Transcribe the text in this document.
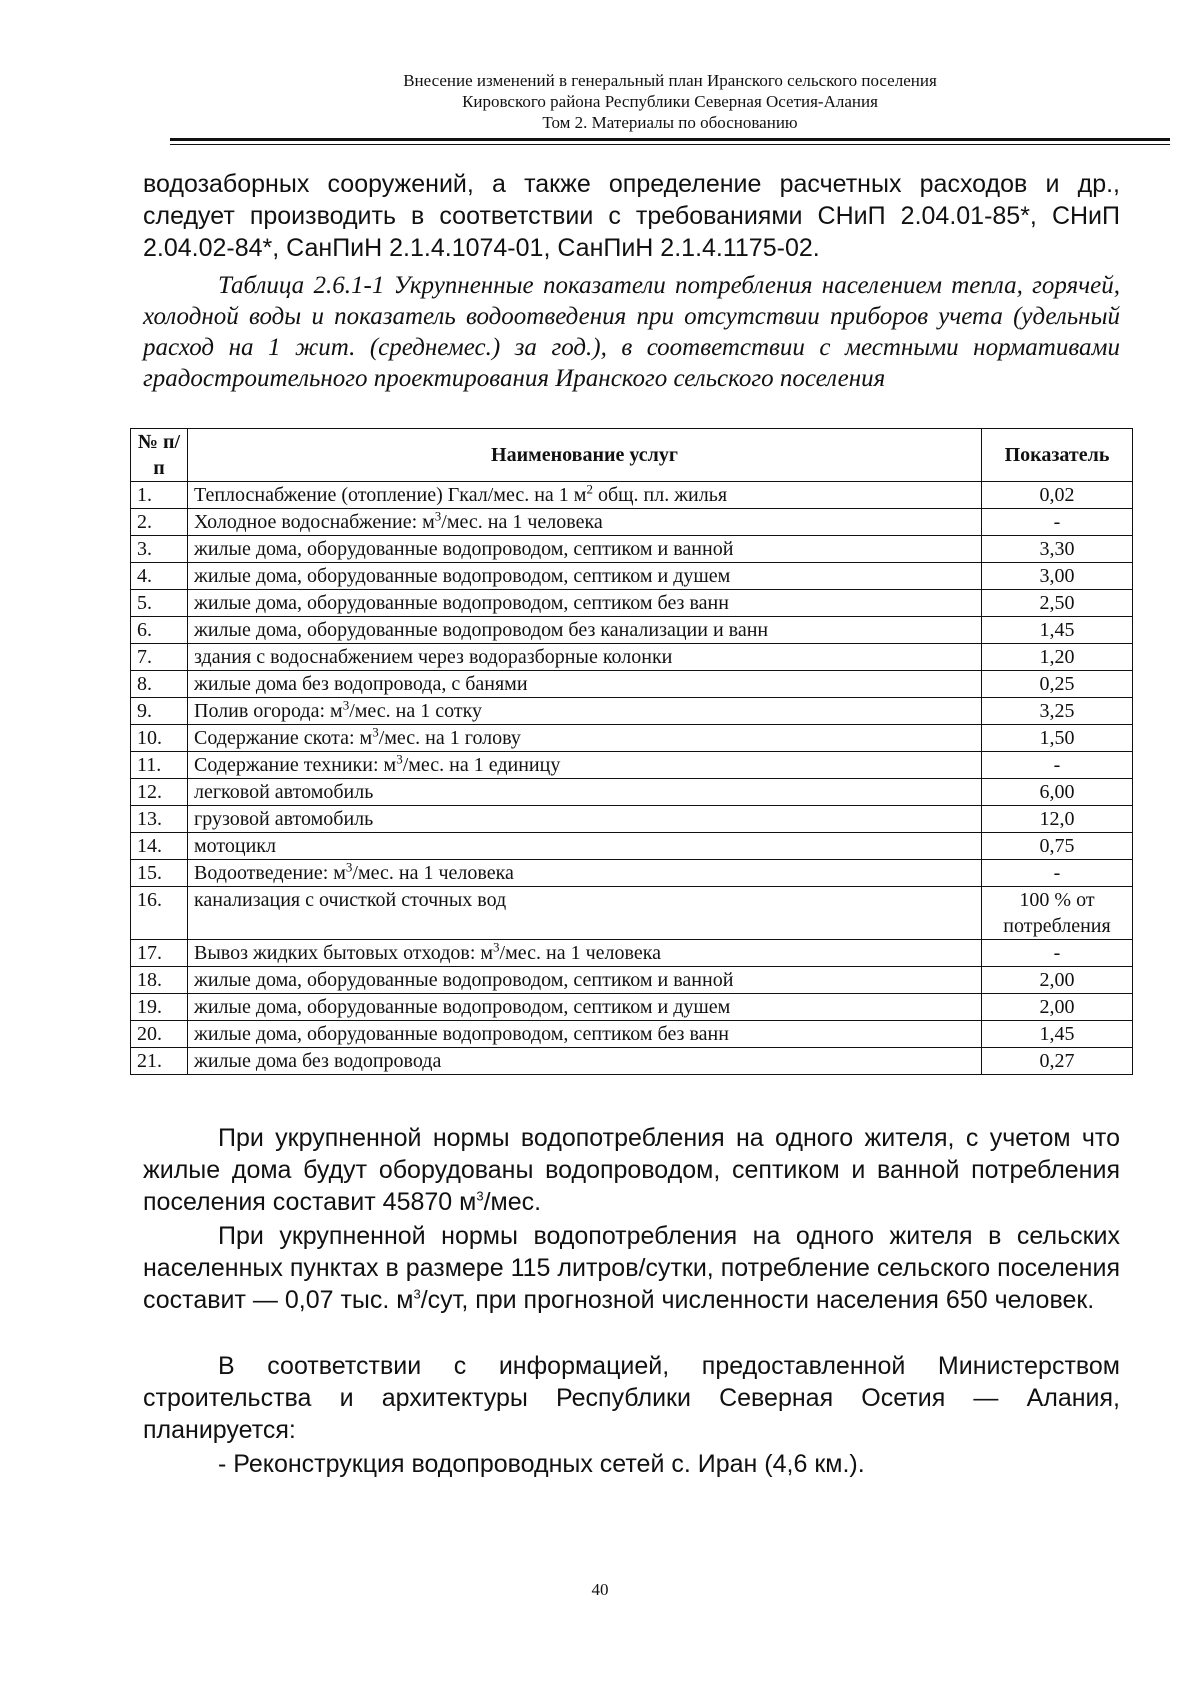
Внесение изменений в генеральный план Иранского сельского поселения
Кировского района Республики Северная Осетия-Алания
Том 2. Материалы по обоснованию

водозаборных сооружений, а также определение расчетных расходов и др., следует производить в соответствии с требованиями СНиП 2.04.01-85*, СНиП 2.04.02-84*, СанПиН 2.1.4.1074-01, СанПиН 2.1.4.1175-02.

Таблица 2.6.1-1 Укрупненные показатели потребления населением тепла, горячей, холодной воды и показатель водоотведения при отсутствии приборов учета (удельный расход на 1 жит. (среднемес.) за год.), в соответствии с местными нормативами градостроительного проектирования Иранского сельского поселения
№ п/п	Наименование услуг	Показатель
1.	Теплоснабжение (отопление) Гкал/мес. на 1 $м^2$ общ. пл. жилья	0,02
2.	Холодное водоснабжение: $м^3$/мес. на 1 человека	-
3.	жилые дома, оборудованные водопроводом, септиком и ванной	3,30
4.	жилые дома, оборудованные водопроводом, септиком и душем	3,00
5.	жилые дома, оборудованные водопроводом, септиком без ванн	2,50
6.	жилые дома, оборудованные водопроводом без канализации и ванн	1,45
7.	здания с водоснабжением через водоразборные колонки	1,20
8.	жилые дома без водопровода, с банями	0,25
9.	Полив огорода: $м^3$/мес. на 1 сотку	3,25
10.	Содержание скота: $м^3$/мес. на 1 голову	1,50
11.	Содержание техники: $м^3$/мес. на 1 единицу	-
12.	легковой автомобиль	6,00
13.	грузовой автомобиль	12,0
14.	мотоцикл	0,75
15.	Водоотведение: $м^3$/мес. на 1 человека	-
16.	канализация с очисткой сточных вод	100 % от потребления
17.	Вывоз жидких бытовых отходов: $м^3$/мес. на 1 человека	-
18.	жилые дома, оборудованные водопроводом, септиком и ванной	2,00
19.	жилые дома, оборудованные водопроводом, септиком и душем	2,00
20.	жилые дома, оборудованные водопроводом, септиком без ванн	1,45
21.	жилые дома без водопровода	0,27

При укрупненной нормы водопотребления на одного жителя, с учетом что жилые дома будут оборудованы водопроводом, септиком и ванной потребления поселения составит 45870 $м^3$/мес.

При укрупненной нормы водопотребления на одного жителя в сельских населенных пунктах в размере 115 литров/сутки, потребление сельского поселения составит — 0,07 тыс. $м^3$/сут, при прогнозной численности населения 650 человек.

В соответствии с информацией, предоставленной Министерством строительства и архитектуры Республики Северная Осетия — Алания, планируется:

- Реконструкция водопроводных сетей с. Иран (4,6 км.).

40
